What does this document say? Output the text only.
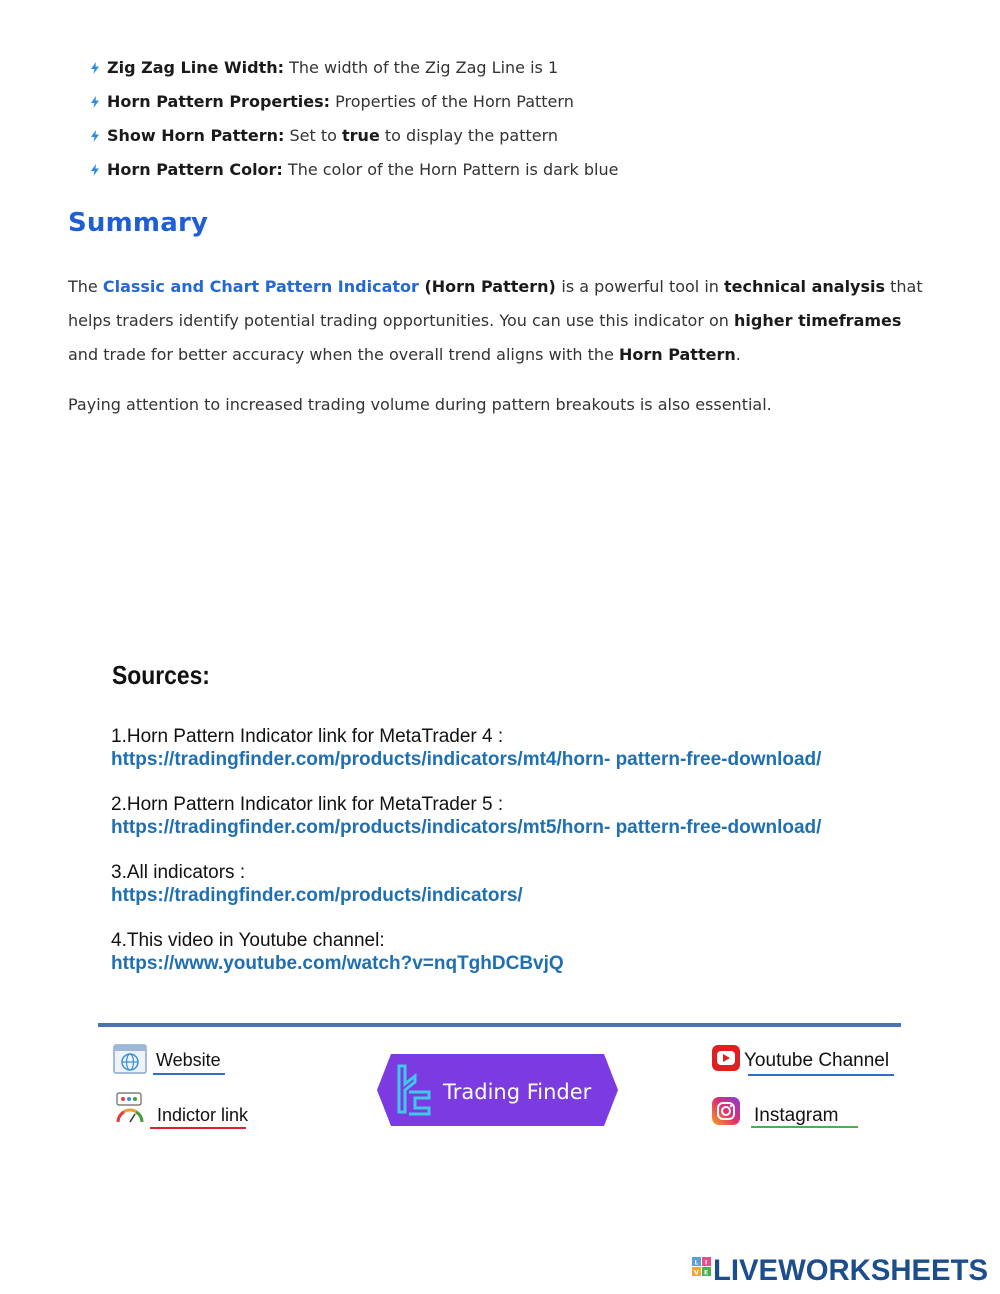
Zig Zag Line Width: The width of the Zig Zag Line is 1
Horn Pattern Properties: Properties of the Horn Pattern
Show Horn Pattern: Set to true to display the pattern
Horn Pattern Color: The color of the Horn Pattern is dark blue
Summary
The Classic and Chart Pattern Indicator (Horn Pattern) is a powerful tool in technical analysis that helps traders identify potential trading opportunities. You can use this indicator on higher timeframes and trade for better accuracy when the overall trend aligns with the Horn Pattern.
Paying attention to increased trading volume during pattern breakouts is also essential.
Sources:
1.Horn Pattern Indicator link for MetaTrader 4 :
https://tradingfinder.com/products/indicators/mt4/horn- pattern-free-download/
2.Horn Pattern Indicator link for MetaTrader 5 :
https://tradingfinder.com/products/indicators/mt5/horn- pattern-free-download/
3.All indicators :
https://tradingfinder.com/products/indicators/
4.This video in Youtube channel:
https://www.youtube.com/watch?v=nqTghDCBvjQ
Website
Indictor link
Trading Finder
Youtube Channel
Instagram
L I
V E LIVEWORKSHEETS
